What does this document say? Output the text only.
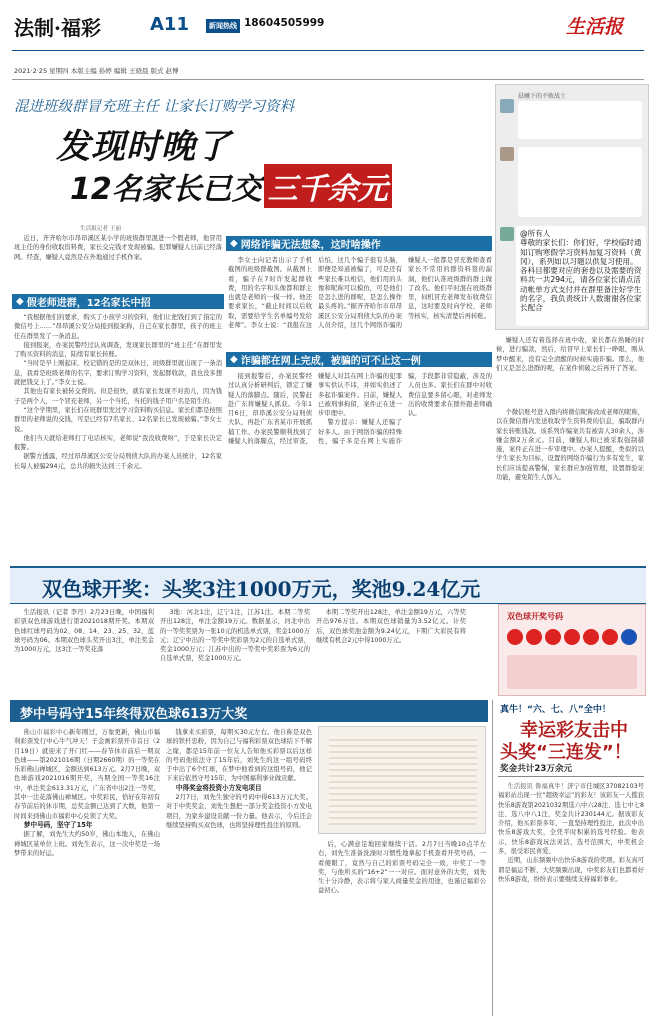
法制·福彩	A11	新闻热线 18604505999	生活报
2021·2·25 星期四 本版主编 孙婷 编辑 王晓晨 版式 赵博
混进班级群冒充班主任 让家长订购学习资料
发现时晚了
12名家长已交 三千余元
生活报记者 王丽

近日，齐齐哈尔市昂昂溪区某小学的班级群里混进一个假老师，他冒用班主任的身份收取资料费，家长交完钱才发现被骗。犯罪嫌疑人日前已经落网。经查，嫌疑人竟然是在外地通过手机作案。

◆ 假老师进群，12名家长中招

“我根据他们的要求，购买了小孩学习的资料，他们让把钱打到了指定的微信号上……”昂昂溪公安分局接到报案称，自己在家长群里，孩子的班主任在群里发了一条消息。

接到报案，办案民警经过认真调查，发现家长群里的“班主任”在群里发了购买资料的消息，陆续有家长转账。

“当时是早上刚起床，校记错的是的是双休日，班级群里就出现了一条消息，我看是班级老师的名字，要求订购学习资料，发起群收款，我也没多想就把钱交上了。”李女士说。

其他也有家长被转交费的。但是很快，就有家长发现不对劲儿，因为钱子是两个人，一个冒充老师，另一个当托，当托的钱子用户名是陌生的。

“这个学期里，家长们在班群里发过学习资料购买信息。家长们都是按照群里的老师说的交钱，可是已经有7名家长、12名家长已发现被骗。”李女士说。

他们当天就给老师打了电话核实，老师说“我没收费呀”，于是家长决定报警。

据警方透露，经过昂昂溪区公安分局刑侦大队的办案人员统计，12名家长每人被骗294元，总共的损失达到三千余元。

晨曦下的不败战士
@所有人
尊敬的家长们：你们好，学校临时通知订购寒假学习资料加复习资料（黄冈），系列如以习题以供复习使用。各科目都要对应的套卷以及需要的资料共一共294元，请各位家长请点活动帐单方式支付并在群里备注好学生的名字，我负责统计人数谢谢各位家长配合
◆ 网络诈骗无法想象，这时啥操作

李女士向记者出示了手机截图的班级群截图。从截图上看，骗子在7时许发起群收费，用的名字和头像都和群主也就是老师的一模一样。他还要求家长，“截止时间以后收取，需要给学生名单编号发给老师”。李女士说：“我报在这后怕，这几个骗子很有头脑，即便是知道被骗了，可是还有些家长难以相信，他们用的头像和昵称可以模仿，可是他们是怎么进的群呢，是怎么操作最头疼的。”掘齐齐哈尔市昂昂溪区公安分局刑侦大队的办案人员介绍，这几个网络诈骗的嫌疑人一般都是冒充教师查看家长不常用的群资料签的漏洞，他们认准班级群的群主做了改名。他们平时混在班级群里，伺机冒充老师发布收费信息，这时要及时向学校、老师等核实，核实清楚后再转账。

嫌疑人还有着选择在班中收，家长都在熟睡的时候，进行骗款，然后，给冒早上家长们一睁眼，刚从梦中醒来，没有完全清醒的时候实施诈骗。那么，他们又是怎么进群的呢，在案件侦破之后再开了答案。

◆ 诈骗都在网上完成，被骗的可不止这一例

接到报警后，办案民警经过认真分析研判后，锁定了嫌疑人的落脚点。随后，民警赶赴广东将嫌疑人抓获。今年1月6日，昂昂溪公安分局刑侦大队，再赴广东省某市开展抓捕工作。办案民警顺利找到了嫌疑人的落脚点，经过审查，嫌疑人对其在网上诈骗的犯罪事实供认不讳，并如实供述了多起诈骗案件。目前，嫌疑人已被刑事拘留，案件正在进一步审理中。

警方提示：嫌疑人还骗了好多人。由于网络诈骗的特殊性，骗子多是在网上实施诈骗，手段都非常隐蔽，涉及的人员也多。家长们在群中对收费信息要多留心眼，对老师发出的收费要求在群外跟老师确认。	个微信账号进入群内将微信昵称改成老师的昵称，以在微信群内发送收取学生资料费的信息，骗取群内家长转账钱款。该系列诈骗案共有被害人30余人，涉嫌金额2万余元。目前，嫌疑人和已被采取强制措施，案件正在进一步审理中。办案人提醒，类似的以学生家长为目标，设置的网络诈骗行为多有发生，家长们应该提高警惕，家长群应加强管理，设置群验证功能，避免陌生人加入。

双色球开奖：头奖3注1000万元，奖池9.24亿元

生活报讯（记者 李丹）2月23日晚，中国福利彩票双色球游戏进行第2021018期开奖。本期双色球红球号码为02、08、14、23、25、32，蓝球号码为06。本期双色球头奖开出3注，单注奖金为1000万元，这3注一等奖花落

3地：河北1注，辽宁1注，江苏1注。本期二等奖开出128注，单注金额19万元。数据显示，河北中出的一等奖奖票为一张10元的机选单式票，奖金1000万元；辽宁中出的一等奖中奖彩票为2元的自选单式票，奖金1000万元；江苏中出的一等奖中奖彩票为6元的自选单式票，奖金1000万元。

本期二等奖开出128注，单注金额19万元，六等奖开出976万注。本期双色球销量为3.52亿元。计奖后，双色球奖池金额为9.24亿元，下期广大彩民有将继续有机会2元中得1000万元。

双色球开奖号码
梦中号码守15年终得双色球613万大奖

佛山市福彩中心新年刚过，万象更新，佛山市福利彩票发行中心牛气冲天！子金画彩票开市首日（2月19日）就迎来了开门红——春节休市前后一期双色球——第2021016期（日期2660期）的一等奖在乐彩佛山禅城区，金额达到613万元。2月7日晚，双色球游戏2021016期开奖，当期全国一等奖16注中，单注奖金613.31万元，广东省中出2注一等奖，其中一注花落佛山禅城区。中奖彩民，恰好在年初有春节前后的休市期，总奖金额已达到了大数，他第一时间来到佛山市福彩中心兑领了大奖。

梦中号码，坚守了15年

据了解，刘先生大约50岁，佛山本地人，在佛山禅城区某单位上班。刘先生表示，这一次中奖是一场梦带来的好运。

钱拿来买彩票，每期买30元左右。他自称是双色球的铁杆忠粉，因为自己与福利彩票双色球结下不解之缘，都是15年前一位友人告知他买彩票以后这样的号码他依法守了15年后，刘先生的这一组号码终于中出了6个红球，在梦中他看到的这组号码，他记下来后依然守号15年，为中国福利事业做贡献。

中得奖金将投资小方发电项目

2月7日，刘先生独守的号码中得613万元大奖。对于中奖奖金，刘先生想把一部分奖金投资小方发电项目，为家乡建设贡献一份力量。他表示，今后还会继续坚持购买双色球，也将坚持理性投注的原则。

后，心满意足地回家继续干活。2月7日当晚10点半左右，刘先生准备洗澡时习惯性地拿起手机查看开奖号码，一看傻眼了，竟然与自己的彩票号码完全一致，中奖了一等奖，与他所买的“16+2”一一对应。面对意外的大奖，刘先生十分冷静，表示将与家人商量奖金的用途，也谨记福彩公益初心。

真牛！“六、七、八”全中！
幸运彩友击中
头奖“三连发”！
奖金共计23万余元

生活报讯 鲁福真牛！济宁市任城区37082103号福彩站出现一位“超级幸运”的彩友！该彩友一人揽获快乐8游戏第2021032期选六中六28注、选七中七8注、选八中八1注，奖金共计230144元。据该彩友介绍，他买彩票多年，一直坚持理性投注，此次中出快乐8游戏大奖，全凭平时积累的选号经验。他表示，快乐8游戏玩法灵活，选号范围大，中奖机会多，很受彩民喜爱。

近期，山东频频中出快乐8游戏的奖项。彩友真可谓是福运不断，大奖频频出现，中奖彩友们也都看好快乐8游戏，纷纷表示要继续支持福彩事业。
